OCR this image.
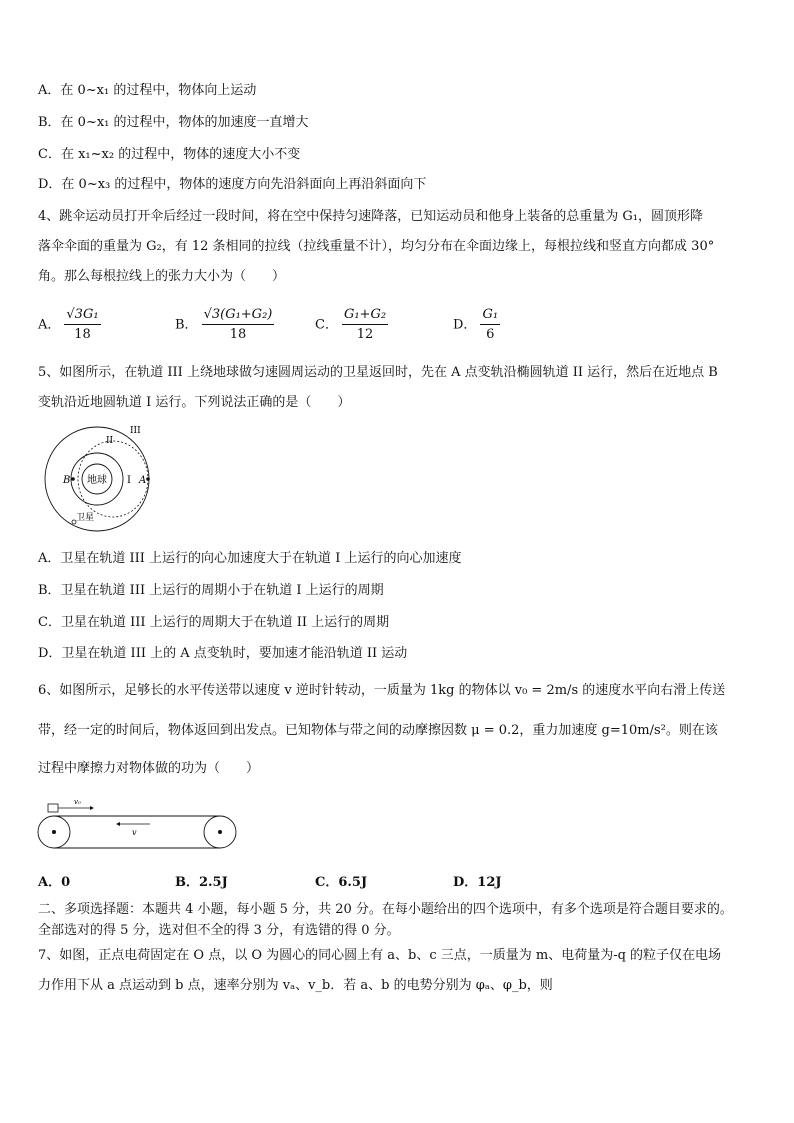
A．在 0~x₁ 的过程中，物体向上运动
B．在 0~x₁ 的过程中，物体的加速度一直增大
C．在 x₁~x₂ 的过程中，物体的速度大小不变
D．在 0~x₃ 的过程中，物体的速度方向先沿斜面向上再沿斜面向下
4、跳伞运动员打开伞后经过一段时间，将在空中保持匀速降落，已知运动员和他身上装备的总重量为 G₁，圆顶形降
落伞伞面的重量为 G₂，有 12 条相同的拉线（拉线重量不计），均匀分布在伞面边缘上，每根拉线和竖直方向都成 30°
角。那么每根拉线上的张力大小为（　　）
A． $\frac{\text{√3G₁}}{18}$	B． $\frac{\text{√3(G₁+G₂)}}{18}$	C． $\frac{\text{G₁+G₂}}{12}$	D． $\frac{\text{G₁}}{6}$
5、如图所示，在轨道 III 上绕地球做匀速圆周运动的卫星返回时，先在 A 点变轨沿椭圆轨道 II 运行，然后在近地点 B
变轨沿近地圆轨道 I 运行。下列说法正确的是（　　）
地球
B	A
I
II
III
卫星
A．卫星在轨道 III 上运行的向心加速度大于在轨道 I 上运行的向心加速度
B．卫星在轨道 III 上运行的周期小于在轨道 I 上运行的周期
C．卫星在轨道 III 上运行的周期大于在轨道 II 上运行的周期
D．卫星在轨道 III 上的 A 点变轨时，要加速才能沿轨道 II 运动
6、如图所示，足够长的水平传送带以速度 v 逆时针转动，一质量为 1kg 的物体以 v₀ = 2m/s 的速度水平向右滑上传送
带，经一定的时间后，物体返回到出发点。已知物体与带之间的动摩擦因数 μ = 0.2，重力加速度 g=10m/s²。则在该
过程中摩擦力对物体做的功为（　　）
v₀
v
A．0	B．2.5J	C．6.5J	D．12J
二、多项选择题：本题共 4 小题，每小题 5 分，共 20 分。在每小题给出的四个选项中，有多个选项是符合题目要求的。
全部选对的得 5 分，选对但不全的得 3 分，有选错的得 0 分。
7、如图，正点电荷固定在 O 点，以 O 为圆心的同心圆上有 a、b、c 三点，一质量为 m、电荷量为-q 的粒子仅在电场
力作用下从 a 点运动到 b 点，速率分别为 vₐ、v_b．若 a、b 的电势分别为 φₐ、φ_b，则
